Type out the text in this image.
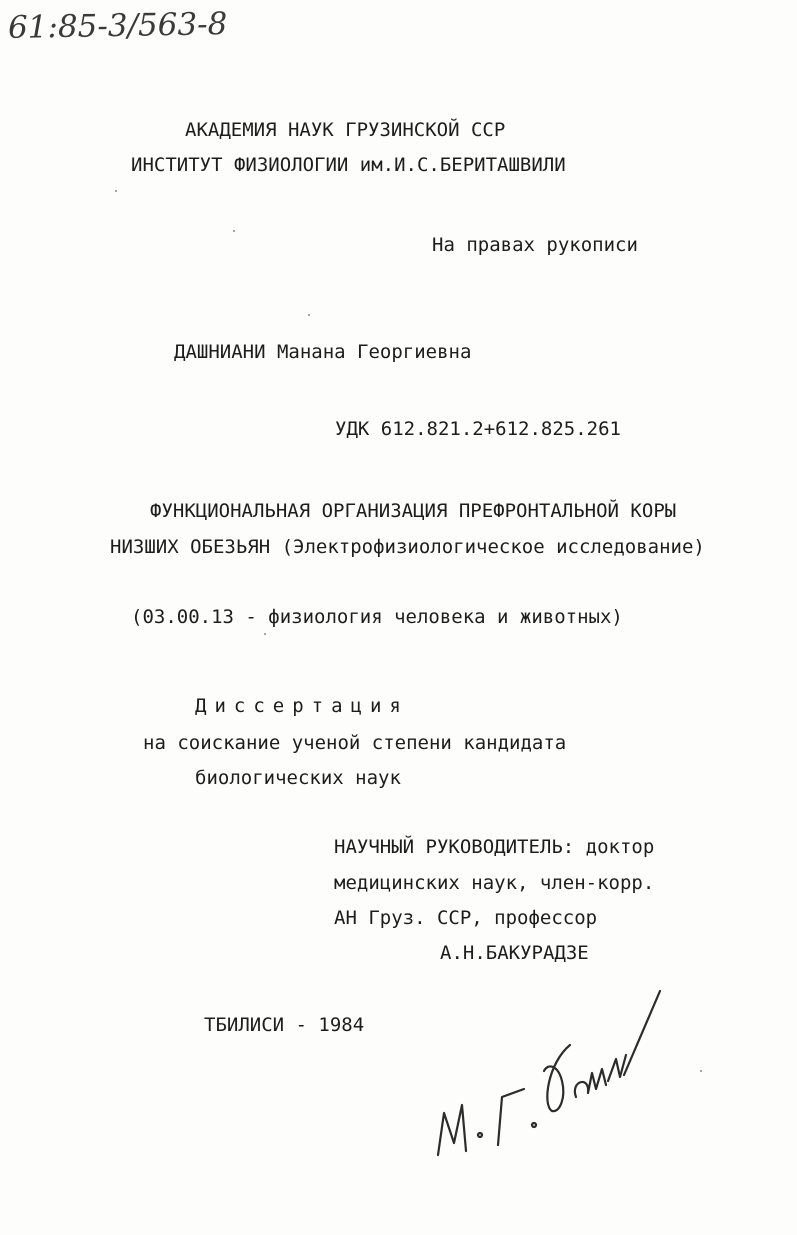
61:85-3/563-8
АКАДЕМИЯ НАУК ГРУЗИНСКОЙ ССР
ИНСТИТУТ ФИЗИОЛОГИИ им.И.С.БЕРИТАШВИЛИ
На правах рукописи
ДАШНИАНИ Манана Георгиевна
УДК 612.821.2+612.825.261
ФУНКЦИОНАЛЬНАЯ ОРГАНИЗАЦИЯ ПРЕФРОНТАЛЬНОЙ КОРЫ
НИЗШИХ ОБЕЗЬЯН (Электрофизиологическое исследование)
(03.00.13 - физиология человека и животных)
Диссертация
на соискание ученой степени кандидата
биологических наук
НАУЧНЫЙ РУКОВОДИТЕЛЬ: доктор
медицинских наук, член-корр.
АН Груз. ССР, профессор
А.Н.БАКУРАДЗЕ
ТБИЛИСИ - 1984
